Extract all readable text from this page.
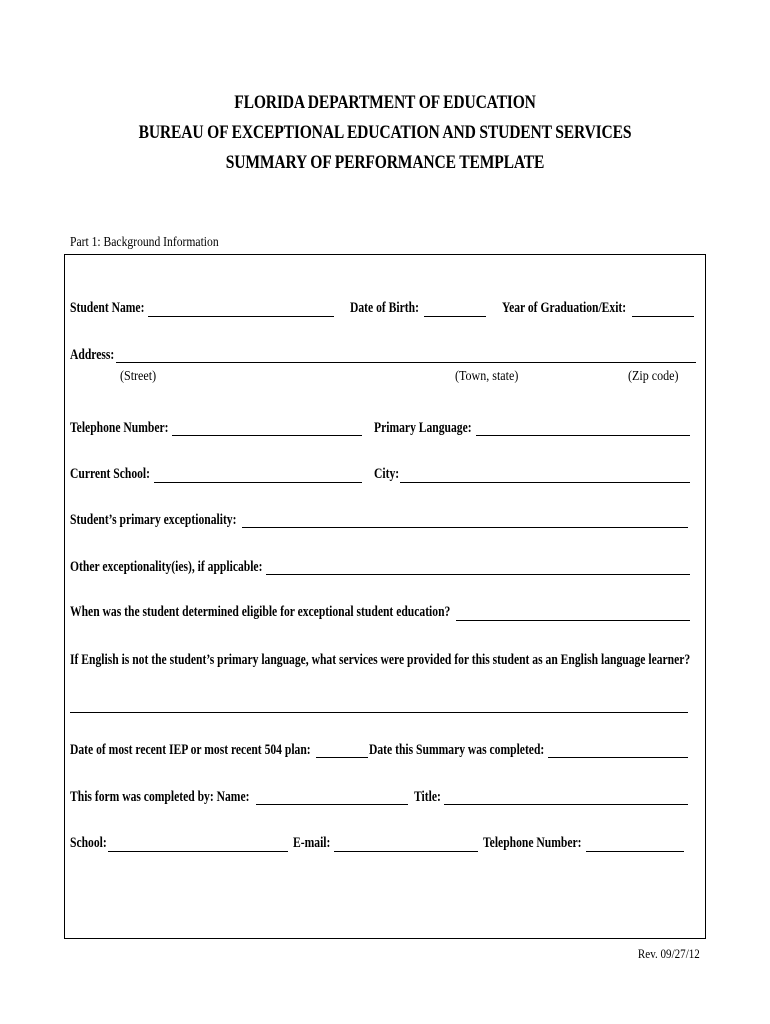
FLORIDA DEPARTMENT OF EDUCATION
BUREAU OF EXCEPTIONAL EDUCATION AND STUDENT SERVICES
SUMMARY OF PERFORMANCE TEMPLATE
Part 1: Background Information
Student Name:	Date of Birth:	Year of Graduation/Exit:
Address:
(Street)	(Town, state)	(Zip code)
Telephone Number:	Primary Language:
Current School:	City:
Student’s primary exceptionality:
Other exceptionality(ies), if applicable:
When was the student determined eligible for exceptional student education?
If English is not the student’s primary language, what services were provided for this student as an English language learner?
Date of most recent IEP or most recent 504 plan:	Date this Summary was completed:
This form was completed by: Name:	Title:
School:	E-mail:	Telephone Number:
Rev. 09/27/12
